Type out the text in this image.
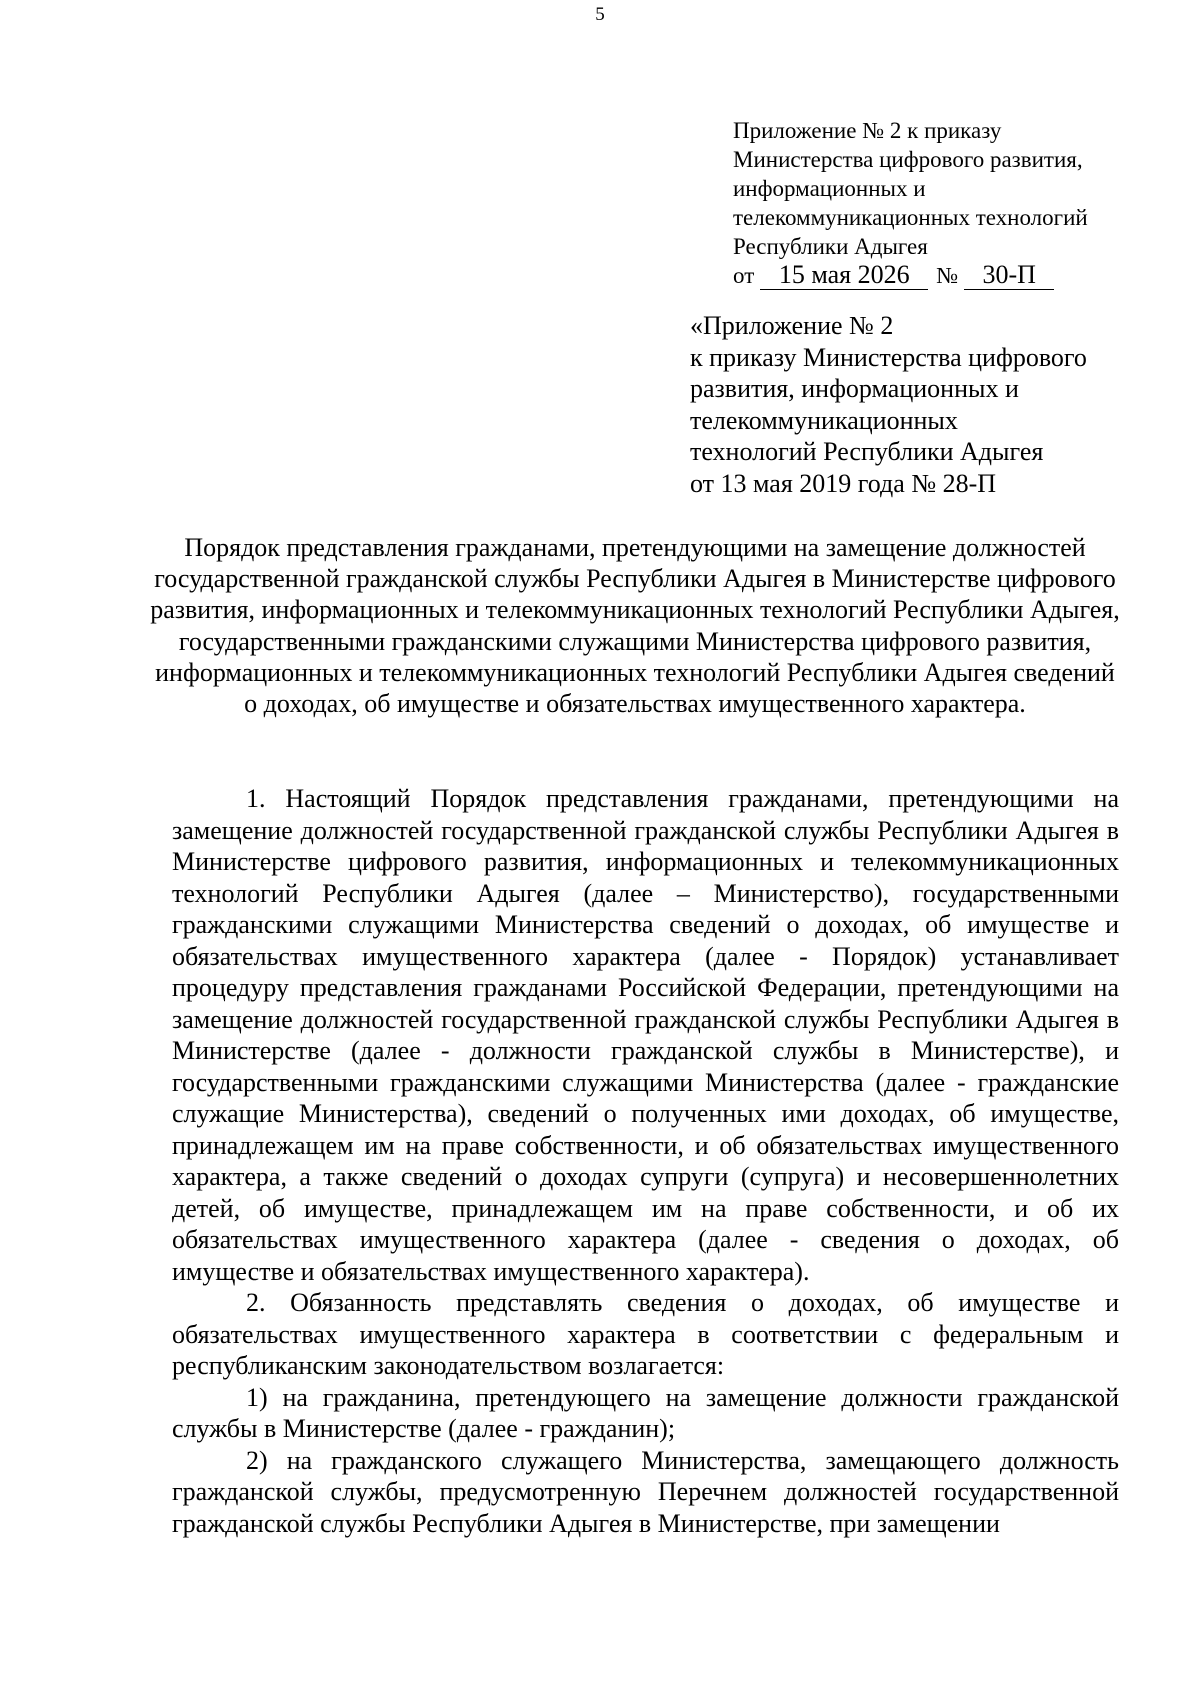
5
Приложение № 2 к приказу
Министерства цифрового развития,
информационных и
телекоммуникационных технологий
Республики Адыгея
от 15 мая 2026 № 30-П
«Приложение № 2
к приказу Министерства цифрового
развития, информационных и
телекоммуникационных
технологий Республики Адыгея
от 13 мая 2019 года № 28-П
Порядок представления гражданами, претендующими на замещение должностей государственной гражданской службы Республики Адыгея в Министерстве цифрового развития, информационных и телекоммуникационных технологий Республики Адыгея, государственными гражданскими служащими Министерства цифрового развития, информационных и телекоммуникационных технологий Республики Адыгея сведений о доходах, об имуществе и обязательствах имущественного характера.

1. Настоящий Порядок представления гражданами, претендующими на замещение должностей государственной гражданской службы Республики Адыгея в Министерстве цифрового развития, информационных и телекоммуникационных технологий Республики Адыгея (далее – Министерство), государственными гражданскими служащими Министерства сведений о доходах, об имуществе и обязательствах имущественного характера (далее - Порядок) устанавливает процедуру представления гражданами Российской Федерации, претендующими на замещение должностей государственной гражданской службы Республики Адыгея в Министерстве (далее - должности гражданской службы в Министерстве), и государственными гражданскими служащими Министерства (далее - гражданские служащие Министерства), сведений о полученных ими доходах, об имуществе, принадлежащем им на праве собственности, и об обязательствах имущественного характера, а также сведений о доходах супруги (супруга) и несовершеннолетних детей, об имуществе, принадлежащем им на праве собственности, и об их обязательствах имущественного характера (далее - сведения о доходах, об имуществе и обязательствах имущественного характера).

2. Обязанность представлять сведения о доходах, об имуществе и обязательствах имущественного характера в соответствии с федеральным и республиканским законодательством возлагается:

1) на гражданина, претендующего на замещение должности гражданской службы в Министерстве (далее - гражданин);

2) на гражданского служащего Министерства, замещающего должность гражданской службы, предусмотренную Перечнем должностей государственной гражданской службы Республики Адыгея в Министерстве, при замещении
